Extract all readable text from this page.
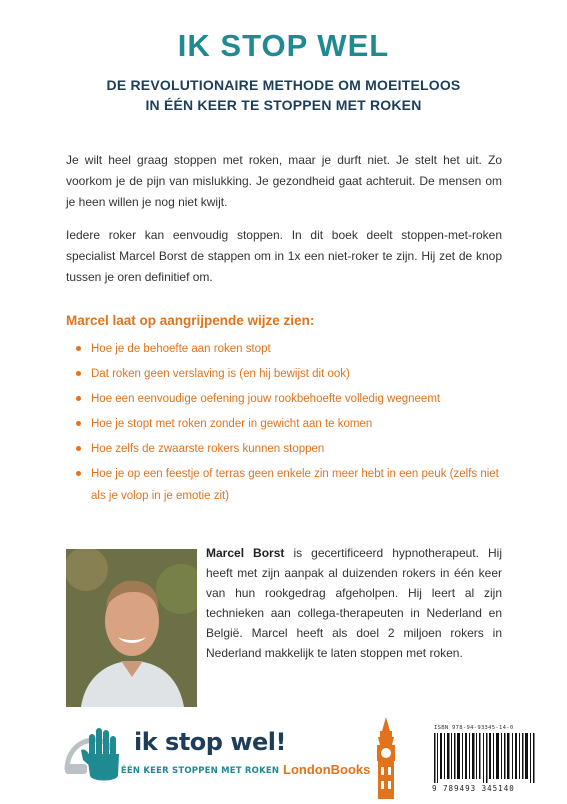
IK STOP WEL
DE REVOLUTIONAIRE METHODE OM MOEITELOOS
IN ÉÉN KEER TE STOPPEN MET ROKEN
Je wilt heel graag stoppen met roken, maar je durft niet. Je stelt het uit. Zo voorkom je de pijn van mislukking. Je gezondheid gaat achteruit. De mensen om je heen willen je nog niet kwijt.
Iedere roker kan eenvoudig stoppen. In dit boek deelt stoppen-met-roken specialist Marcel Borst de stappen om in 1x een niet-roker te zijn. Hij zet de knop tussen je oren definitief om.
Marcel laat op aangrijpende wijze zien:
Hoe je de behoefte aan roken stopt
Dat roken geen verslaving is (en hij bewijst dit ook)
Hoe een eenvoudige oefening jouw rookbehoefte volledig wegneemt
Hoe je stopt met roken zonder in gewicht aan te komen
Hoe zelfs de zwaarste rokers kunnen stoppen
Hoe je op een feestje of terras geen enkele zin meer hebt in een peuk (zelfs niet als je volop in je emotie zit)
Marcel Borst is gecertificeerd hypnotherapeut. Hij heeft met zijn aanpak al duizenden rokers in één keer van hun rookgedrag afgeholpen. Hij leert al zijn technieken aan collega-therapeuten in Nederland en België. Marcel heeft als doel 2 miljoen rokers in Nederland makkelijk te laten stoppen met roken.
ik stop wel!
IN ÉÉN KEER STOPPEN MET ROKEN LondonBooks
ISBN 978-94-93345-14-0
9 789493 345140
